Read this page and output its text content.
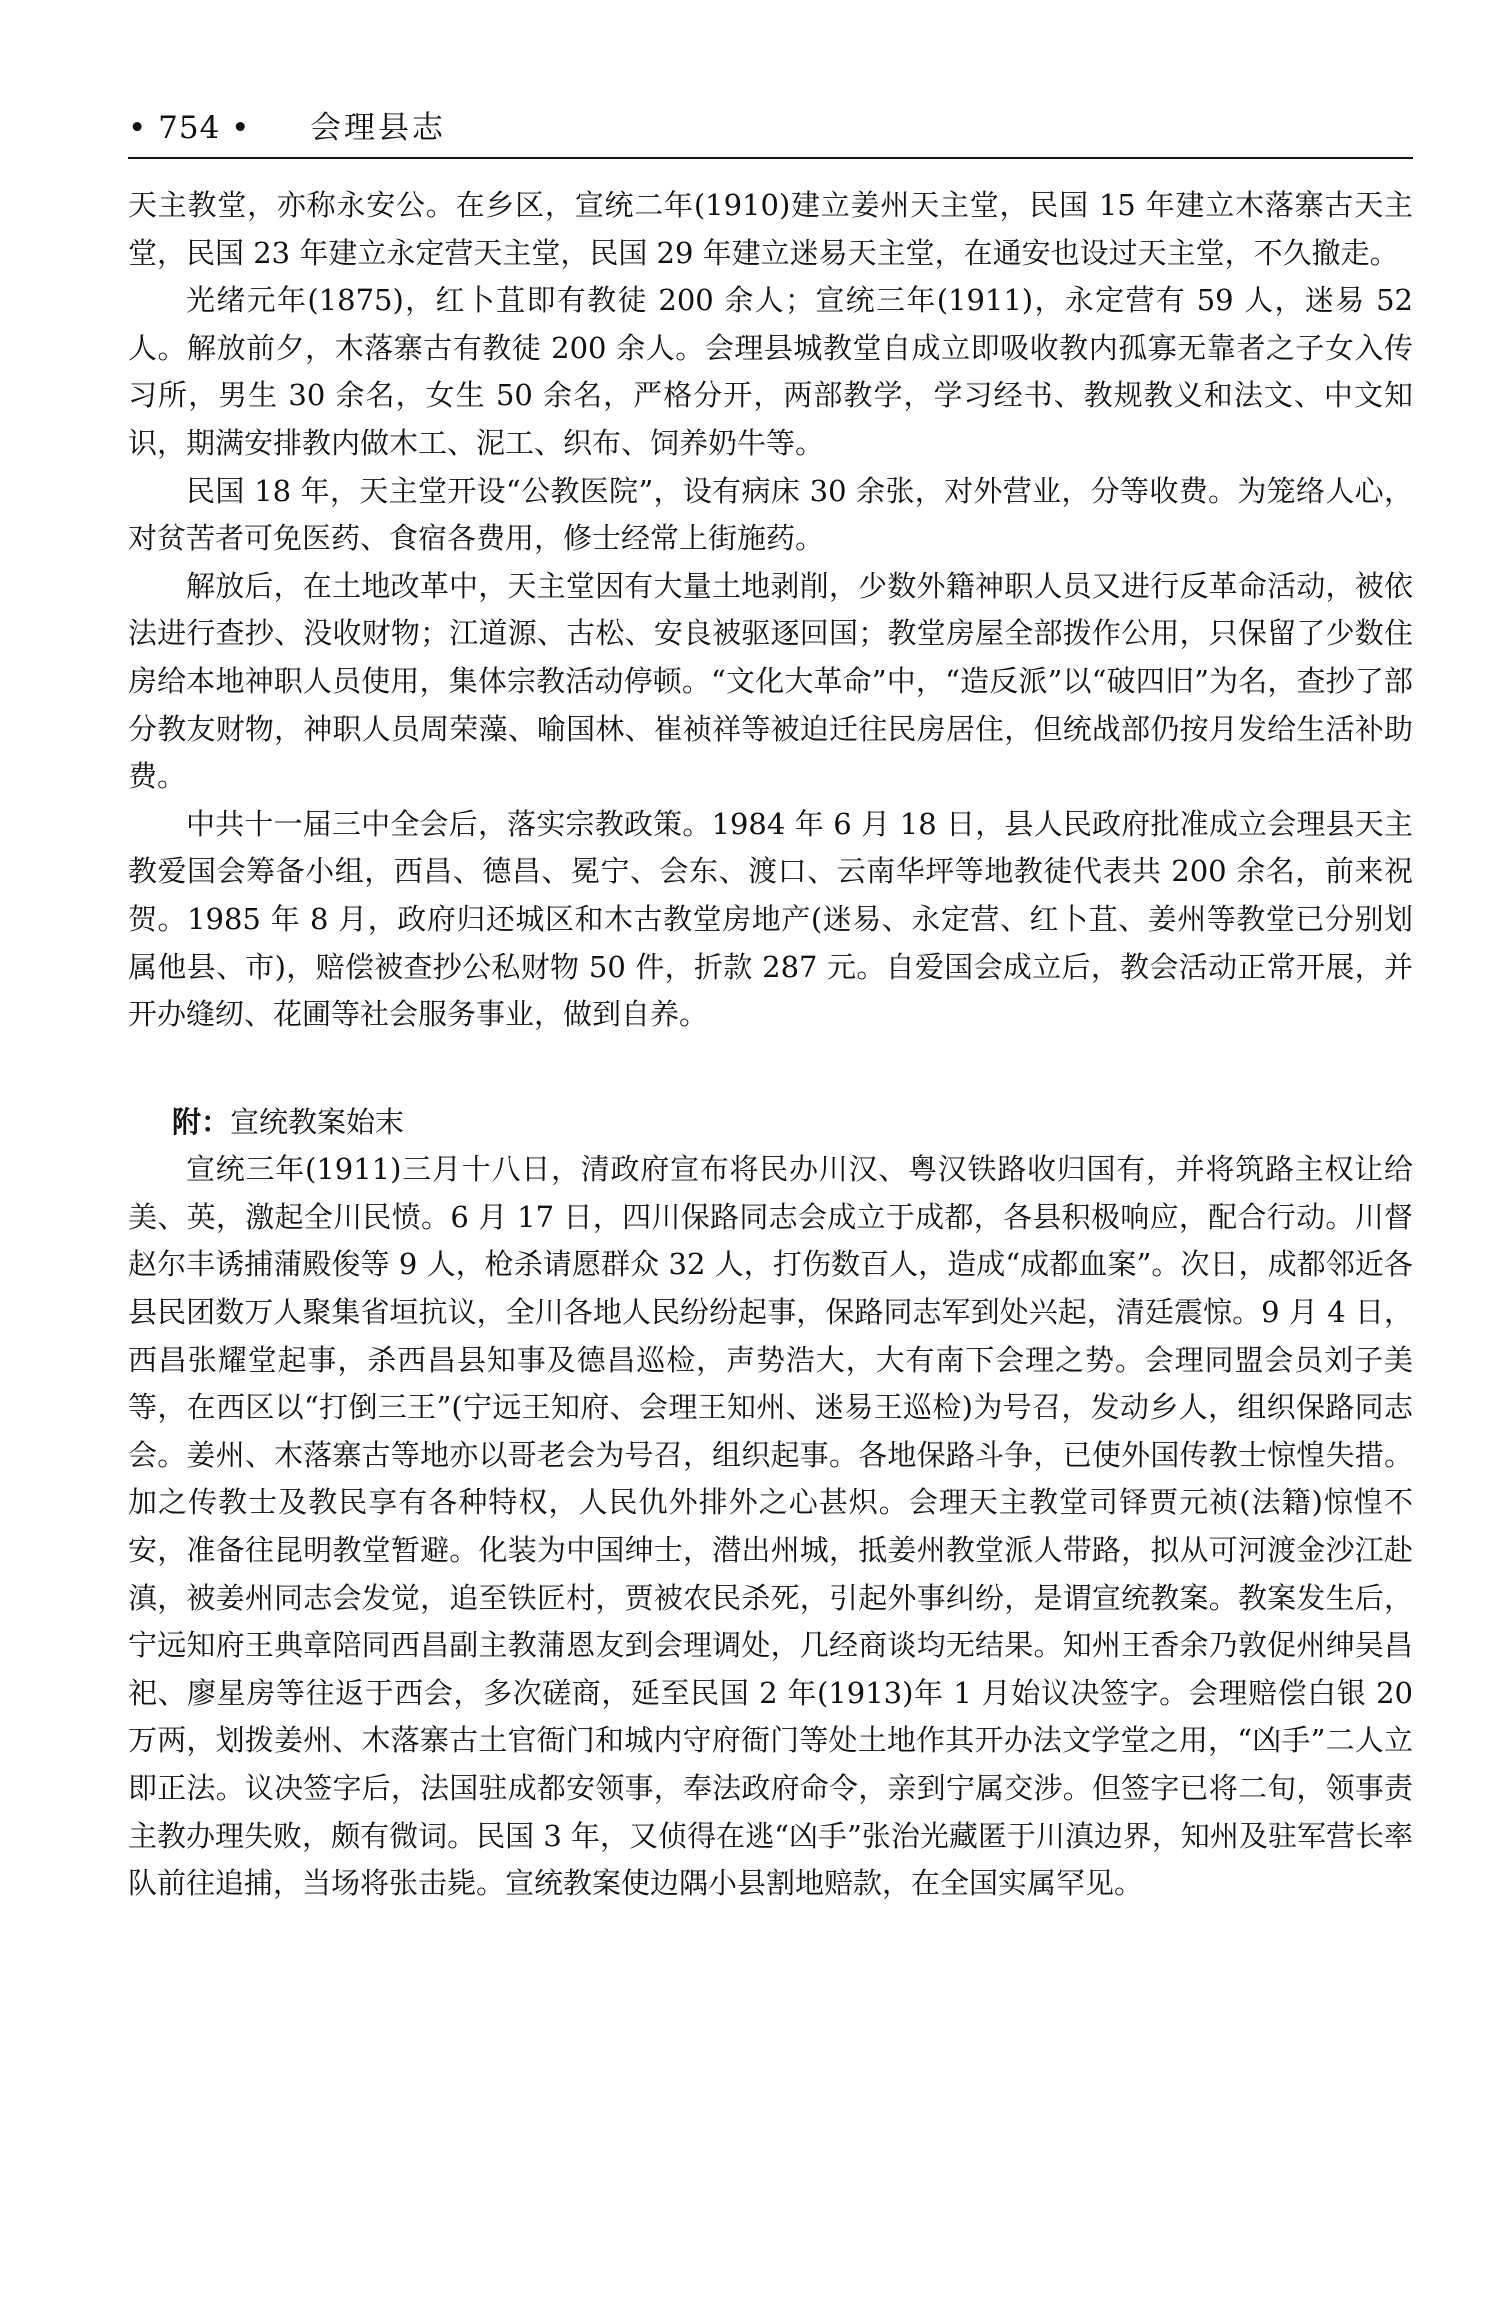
• 754 • 会理县志

天主教堂，亦称永安公。在乡区，宣统二年(1910)建立姜州天主堂，民国 15 年建立木落寨古天主堂，民国 23 年建立永定营天主堂，民国 29 年建立迷易天主堂，在通安也设过天主堂，不久撤走。

光绪元年(1875)，红卜苴即有教徒 200 余人；宣统三年(1911)，永定营有 59 人，迷易 52 人。解放前夕，木落寨古有教徒 200 余人。会理县城教堂自成立即吸收教内孤寡无靠者之子女入传习所，男生 30 余名，女生 50 余名，严格分开，两部教学，学习经书、教规教义和法文、中文知识，期满安排教内做木工、泥工、织布、饲养奶牛等。

民国 18 年，天主堂开设“公教医院”，设有病床 30 余张，对外营业，分等收费。为笼络人心，对贫苦者可免医药、食宿各费用，修士经常上街施药。

解放后，在土地改革中，天主堂因有大量土地剥削，少数外籍神职人员又进行反革命活动，被依法进行查抄、没收财物；江道源、古松、安良被驱逐回国；教堂房屋全部拨作公用，只保留了少数住房给本地神职人员使用，集体宗教活动停顿。“文化大革命”中，“造反派”以“破四旧”为名，查抄了部分教友财物，神职人员周荣藻、喻国林、崔祯祥等被迫迁往民房居住，但统战部仍按月发给生活补助费。

中共十一届三中全会后，落实宗教政策。1984 年 6 月 18 日，县人民政府批准成立会理县天主教爱国会筹备小组，西昌、德昌、冕宁、会东、渡口、云南华坪等地教徒代表共 200 余名，前来祝贺。1985 年 8 月，政府归还城区和木古教堂房地产(迷易、永定营、红卜苴、姜州等教堂已分别划属他县、市)，赔偿被查抄公私财物 50 件，折款 287 元。自爱国会成立后，教会活动正常开展，并开办缝纫、花圃等社会服务事业，做到自养。

附：宣统教案始末

宣统三年(1911)三月十八日，清政府宣布将民办川汉、粤汉铁路收归国有，并将筑路主权让给美、英，激起全川民愤。6 月 17 日，四川保路同志会成立于成都，各县积极响应，配合行动。川督赵尔丰诱捕蒲殿俊等 9 人，枪杀请愿群众 32 人，打伤数百人，造成“成都血案”。次日，成都邻近各县民团数万人聚集省垣抗议，全川各地人民纷纷起事，保路同志军到处兴起，清廷震惊。9 月 4 日，西昌张耀堂起事，杀西昌县知事及德昌巡检，声势浩大，大有南下会理之势。会理同盟会员刘子美等，在西区以“打倒三王”(宁远王知府、会理王知州、迷易王巡检)为号召，发动乡人，组织保路同志会。姜州、木落寨古等地亦以哥老会为号召，组织起事。各地保路斗争，已使外国传教士惊惶失措。加之传教士及教民享有各种特权，人民仇外排外之心甚炽。会理天主教堂司铎贾元祯(法籍)惊惶不安，准备往昆明教堂暂避。化装为中国绅士，潜出州城，抵姜州教堂派人带路，拟从可河渡金沙江赴滇，被姜州同志会发觉，追至铁匠村，贾被农民杀死，引起外事纠纷，是谓宣统教案。教案发生后，宁远知府王典章陪同西昌副主教蒲恩友到会理调处，几经商谈均无结果。知州王香余乃敦促州绅吴昌祀、廖星房等往返于西会，多次磋商，延至民国 2 年(1913)年 1 月始议决签字。会理赔偿白银 20 万两，划拨姜州、木落寨古土官衙门和城内守府衙门等处土地作其开办法文学堂之用，“凶手”二人立即正法。议决签字后，法国驻成都安领事，奉法政府命令，亲到宁属交涉。但签字已将二旬，领事责主教办理失败，颇有微词。民国 3 年，又侦得在逃“凶手”张治光藏匿于川滇边界，知州及驻军营长率队前往追捕，当场将张击毙。宣统教案使边隅小县割地赔款，在全国实属罕见。
